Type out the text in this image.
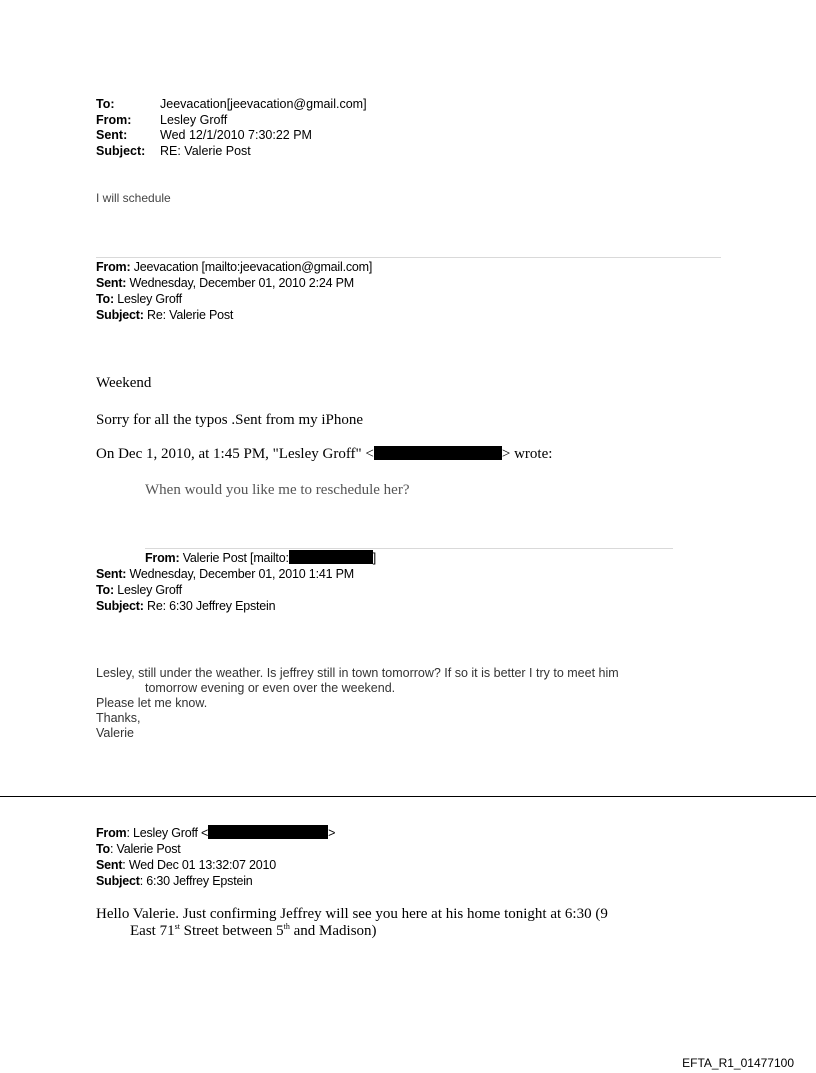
To:	Jeevacation[jeevacation@gmail.com]
From: Lesley Groff
Sent:	Wed 12/1/2010 7:30:22 PM
Subject: RE: Valerie Post
I will schedule
From: Jeevacation [mailto:jeevacation@gmail.com]
Sent: Wednesday, December 01, 2010 2:24 PM
To: Lesley Groff
Subject: Re: Valerie Post
Weekend
Sorry for all the typos .Sent from my iPhone
On Dec 1, 2010, at 1:45 PM, "Lesley Groff" <	> wrote:
When would you like me to reschedule her?
From: Valerie Post [mailto:	]
Sent: Wednesday, December 01, 2010 1:41 PM
To: Lesley Groff
Subject: Re: 6:30 Jeffrey Epstein
Lesley, still under the weather. Is jeffrey still in town tomorrow? If so it is better I try to meet him
tomorrow evening or even over the weekend.
Please let me know.
Thanks,
Valerie
From: Lesley Groff <	>
To: Valerie Post
Sent: Wed Dec 01 13:32:07 2010
Subject: 6:30 Jeffrey Epstein
Hello Valerie. Just confirming Jeffrey will see you here at his home tonight at 6:30 (9
East 71st Street between 5th and Madison)
EFTA_R1_01477100
